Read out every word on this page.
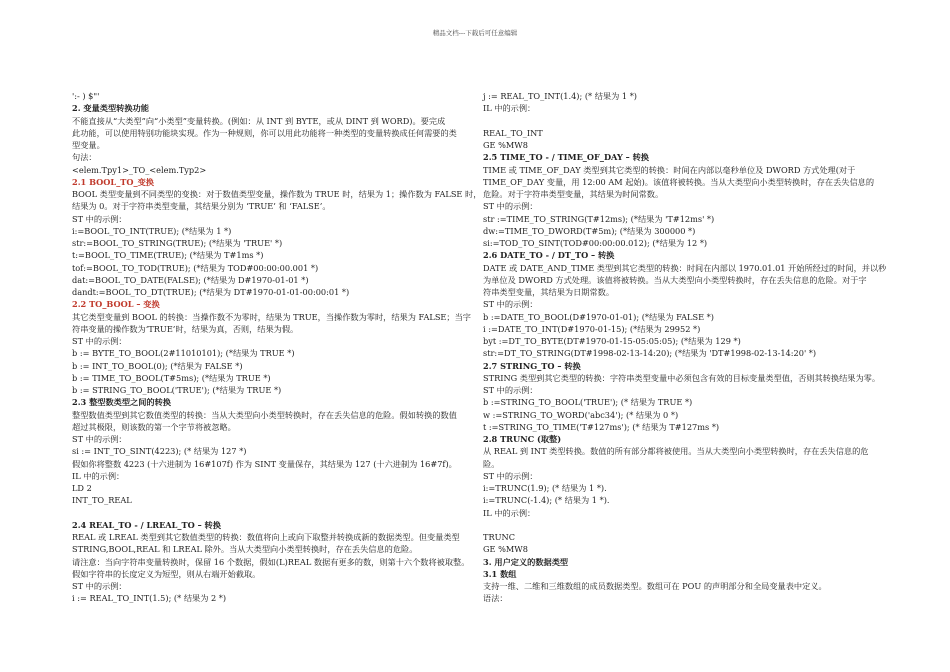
精品文档---下载后可任意编辑
':- ) $"'
2. 变量类型转换功能
不能直接从“大类型”向“小类型”变量转换。(例如：从 INT 到 BYTE，或从 DINT 到 WORD)。要完成
此功能，可以使用特别功能块实现。作为一种规则，你可以用此功能将一种类型的变量转换成任何需要的类
型变量。
句法：
<elem.Tpy1>_TO_<elem.Typ2>
2.1 BOOL_TO_变换
BOOL 类型变量到不同类型的变换：对于数值类型变量，操作数为 TRUE 时，结果为 1；操作数为 FALSE 时，
结果为 0。对于字符串类型变量，其结果分别为 ‘TRUE’ 和 ‘FALSE’。
ST 中的示例：
i:=BOOL_TO_INT(TRUE); (*结果为 1 *)
str:=BOOL_TO_STRING(TRUE); (*结果为 'TRUE' *)
t:=BOOL_TO_TIME(TRUE); (*结果为 T#1ms *)
tof:=BOOL_TO_TOD(TRUE); (*结果为 TOD#00:00:00.001 *)
dat:=BOOL_TO_DATE(FALSE); (*结果为 D#1970-01-01 *)
dandt:=BOOL_TO_DT(TRUE); (*结果为 DT#1970-01-01-00:00:01 *)
2.2 TO_BOOL – 变换
其它类型变量到 BOOL 的转换：当操作数不为零时，结果为 TRUE，当操作数为零时，结果为 FALSE；当字
符串变量的操作数为‘TRUE’时，结果为真，否则，结果为假。
ST 中的示例：
b := BYTE_TO_BOOL(2#11010101); (*结果为 TRUE *)
b := INT_TO_BOOL(0); (*结果为 FALSE *)
b := TIME_TO_BOOL(T#5ms); (*结果为 TRUE *)
b := STRING_TO_BOOL('TRUE'); (*结果为 TRUE *)
2.3 整型数类型之间的转换
整型数值类型到其它数值类型的转换：当从大类型向小类型转换时，存在丢失信息的危险。假如转换的数值
超过其极限，则该数的第一个字节将被忽略。
ST 中的示例：
si := INT_TO_SINT(4223); (* 结果为 127 *)
假如你将整数 4223 (十六进制为 16#107f) 作为 SINT 变量保存，其结果为 127 (十六进制为 16#7f)。
IL 中的示例：
LD 2
INT_TO_REAL
2.4 REAL_TO - / LREAL_TO – 转换
REAL 或 LREAL 类型到其它数值类型的转换：数值将向上或向下取整并转换成新的数据类型。但变量类型
STRING,BOOL,REAL 和 LREAL 除外。当从大类型向小类型转换时，存在丢失信息的危险。
请注意：当向字符串变量转换时，保留 16 个数据，假如(L)REAL 数据有更多的数，则第十六个数将被取整。
假如字符串的长度定义为短型，则从右端开始截取。
ST 中的示例：
i := REAL_TO_INT(1.5); (* 结果为 2 *)
j := REAL_TO_INT(1.4); (* 结果为 1 *)
IL 中的示例：
REAL_TO_INT
GE %MW8
2.5 TIME_TO - / TIME_OF_DAY – 转换
TIME 或 TIME_OF_DAY 类型到其它类型的转换：时间在内部以毫秒单位及 DWORD 方式处理(对于
TIME_OF_DAY 变量，用 12:00 AM 起始)。该值将被转换。当从大类型向小类型转换时，存在丢失信息的
危险。对于字符串类型变量，其结果为时间常数。
ST 中的示例：
str :=TIME_TO_STRING(T#12ms); (*结果为 'T#12ms' *)
dw:=TIME_TO_DWORD(T#5m); (*结果为 300000 *)
si:=TOD_TO_SINT(TOD#00:00:00.012); (*结果为 12 *)
2.6 DATE_TO - / DT_TO – 转换
DATE 或 DATE_AND_TIME 类型到其它类型的转换：时间在内部以 1970.01.01 开始所经过的时间，并以秒
为单位及 DWORD 方式处理。该值将被转换。当从大类型向小类型转换时，存在丢失信息的危险。对于字
符串类型变量，其结果为日期常数。
ST 中的示例：
b :=DATE_TO_BOOL(D#1970-01-01); (*结果为 FALSE *)
i :=DATE_TO_INT(D#1970-01-15); (*结果为 29952 *)
byt :=DT_TO_BYTE(DT#1970-01-15-05:05:05); (*结果为 129 *)
str:=DT_TO_STRING(DT#1998-02-13-14:20); (*结果为 'DT#1998-02-13-14:20' *)
2.7 STRING_TO – 转换
STRING 类型到其它类型的转换：字符串类型变量中必须包含有效的目标变量类型值，否则其转换结果为零。
ST 中的示例：
b :=STRING_TO_BOOL('TRUE'); (* 结果为 TRUE *)
w :=STRING_TO_WORD('abc34'); (* 结果为 0 *)
t :=STRING_TO_TIME('T#127ms'); (* 结果为 T#127ms *)
2.8 TRUNC (取整)
从 REAL 到 INT 类型转换。数值的所有部分都将被使用。当从大类型向小类型转换时，存在丢失信息的危
险。
ST 中的示例：
i:=TRUNC(1.9); (* 结果为 1 *).
i:=TRUNC(-1.4); (* 结果为 1 *).
IL 中的示例：
TRUNC
GE %MW8
3. 用户定义的数据类型
3.1 数组
支持一维、二维和三维数组的成员数据类型。数组可在 POU 的声明部分和全局变量表中定义。
语法：
